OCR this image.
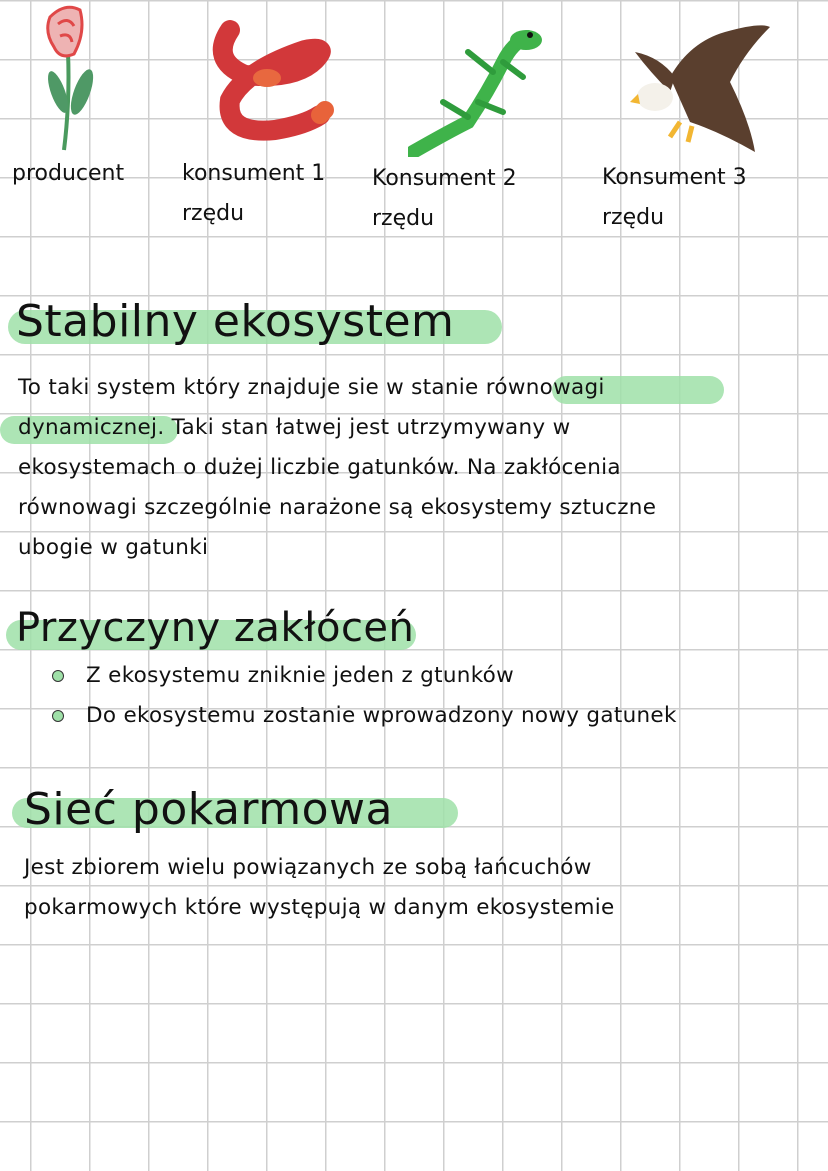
producent	konsument 1
rzędu
Konsument 2
rzędu
Konsument 3
rzędu
Stabilny ekosystem
To taki system który znajduje sie w stanie równowagi
dynamicznej. Taki stan łatwej jest utrzymywany w
ekosystemach o dużej liczbie gatunków. Na zakłócenia
równowagi szczególnie narażone są ekosystemy sztuczne
ubogie w gatunki
Przyczyny zakłóceń
Z ekosystemu zniknie jeden z gtunków
Do ekosystemu zostanie wprowadzony nowy gatunek
Sieć pokarmowa
Jest zbiorem wielu powiązanych ze sobą łańcuchów
pokarmowych które występują w danym ekosystemie
